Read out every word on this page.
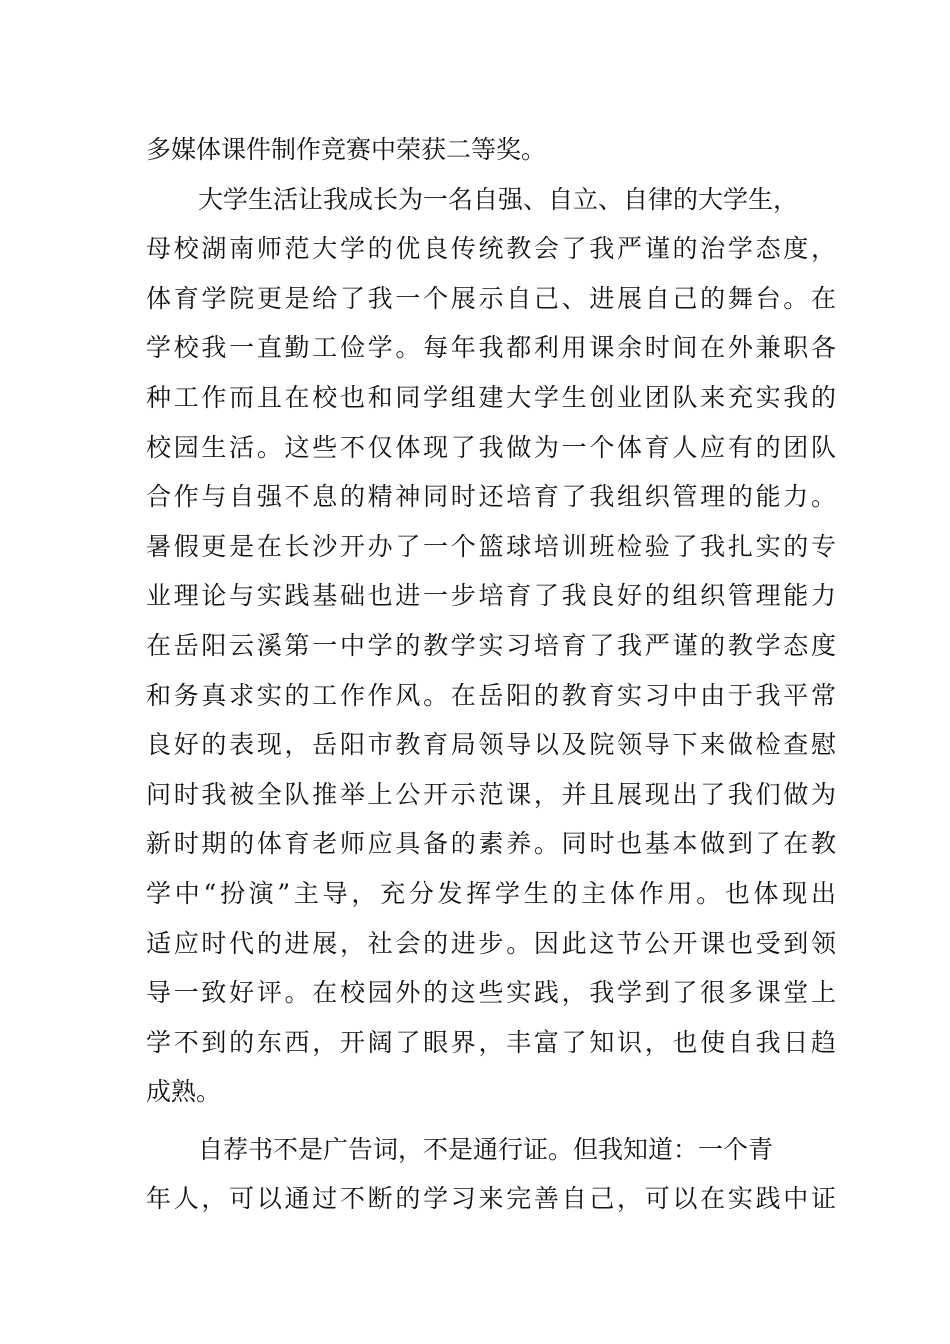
多媒体课件制作竞赛中荣获二等奖。
大学生活让我成长为一名自强、自立、自律的大学生，
母校湖南师范大学的优良传统教会了我严谨的治学态度，
体育学院更是给了我一个展示自己、进展自己的舞台。在
学校我一直勤工俭学。每年我都利用课余时间在外兼职各
种工作而且在校也和同学组建大学生创业团队来充实我的
校园生活。这些不仅体现了我做为一个体育人应有的团队
合作与自强不息的精神同时还培育了我组织管理的能力。
暑假更是在长沙开办了一个篮球培训班检验了我扎实的专
业理论与实践基础也进一步培育了我良好的组织管理能力
在岳阳云溪第一中学的教学实习培育了我严谨的教学态度
和务真求实的工作作风。在岳阳的教育实习中由于我平常
良好的表现，岳阳市教育局领导以及院领导下来做检查慰
问时我被全队推举上公开示范课，并且展现出了我们做为
新时期的体育老师应具备的素养。同时也基本做到了在教
学中“扮演”主导，充分发挥学生的主体作用。也体现出
适应时代的进展，社会的进步。因此这节公开课也受到领
导一致好评。在校园外的这些实践，我学到了很多课堂上
学不到的东西，开阔了眼界，丰富了知识，也使自我日趋
成熟。
自荐书不是广告词，不是通行证。但我知道：一个青
年人，可以通过不断的学习来完善自己，可以在实践中证
